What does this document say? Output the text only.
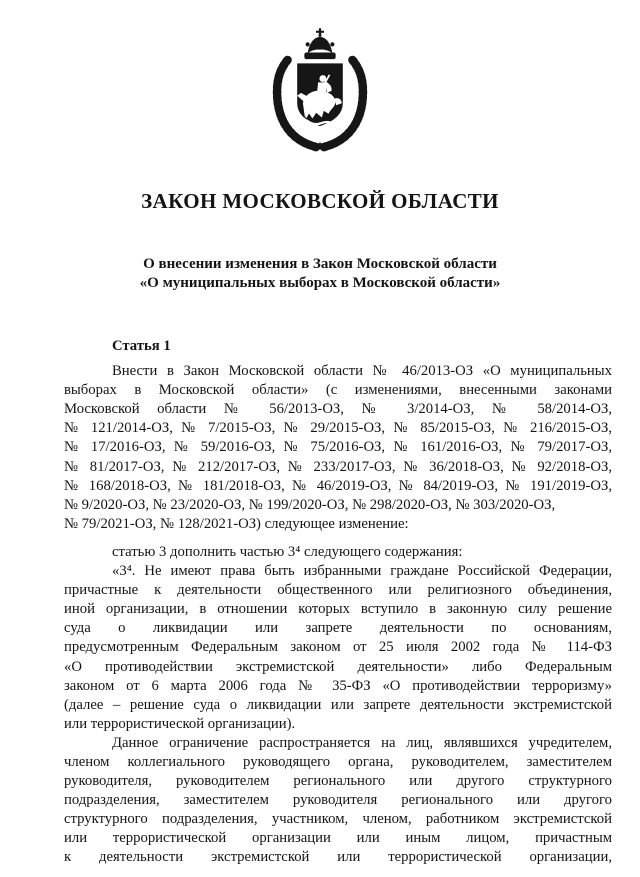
ЗАКОН МОСКОВСКОЙ ОБЛАСТИ
О внесении изменения в Закон Московской области
«О муниципальных выборах в Московской области»
Статья 1
Внести в Закон Московской области № 46/2013-ОЗ «О муниципальных
выборах в Московской области» (с изменениями, внесенными законами
Московской области № 56/2013-ОЗ, № 3/2014-ОЗ, № 58/2014-ОЗ,
№ 121/2014-ОЗ, № 7/2015-ОЗ, № 29/2015-ОЗ, № 85/2015-ОЗ, № 216/2015-ОЗ,
№ 17/2016-ОЗ, № 59/2016-ОЗ, № 75/2016-ОЗ, № 161/2016-ОЗ, № 79/2017-ОЗ,
№ 81/2017-ОЗ, № 212/2017-ОЗ, № 233/2017-ОЗ, № 36/2018-ОЗ, № 92/2018-ОЗ,
№ 168/2018-ОЗ, № 181/2018-ОЗ, № 46/2019-ОЗ, № 84/2019-ОЗ, № 191/2019-ОЗ,
№ 9/2020-ОЗ, № 23/2020-ОЗ, № 199/2020-ОЗ, № 298/2020-ОЗ, № 303/2020-ОЗ,
№ 79/2021-ОЗ, № 128/2021-ОЗ) следующее изменение:
статью 3 дополнить частью 3⁴ следующего содержания:
«3⁴. Не имеют права быть избранными граждане Российской Федерации,
причастные к деятельности общественного или религиозного объединения,
иной организации, в отношении которых вступило в законную силу решение
суда о ликвидации или запрете деятельности по основаниям,
предусмотренным Федеральным законом от 25 июля 2002 года № 114-ФЗ
«О противодействии экстремистской деятельности» либо Федеральным
законом от 6 марта 2006 года № 35-ФЗ «О противодействии терроризму»
(далее – решение суда о ликвидации или запрете деятельности экстремистской
или террористической организации).
Данное ограничение распространяется на лиц, являвшихся учредителем,
членом коллегиального руководящего органа, руководителем, заместителем
руководителя, руководителем регионального или другого структурного
подразделения, заместителем руководителя регионального или другого
структурного подразделения, участником, членом, работником экстремистской
или террористической организации или иным лицом, причастным
к деятельности экстремистской или террористической организации,
